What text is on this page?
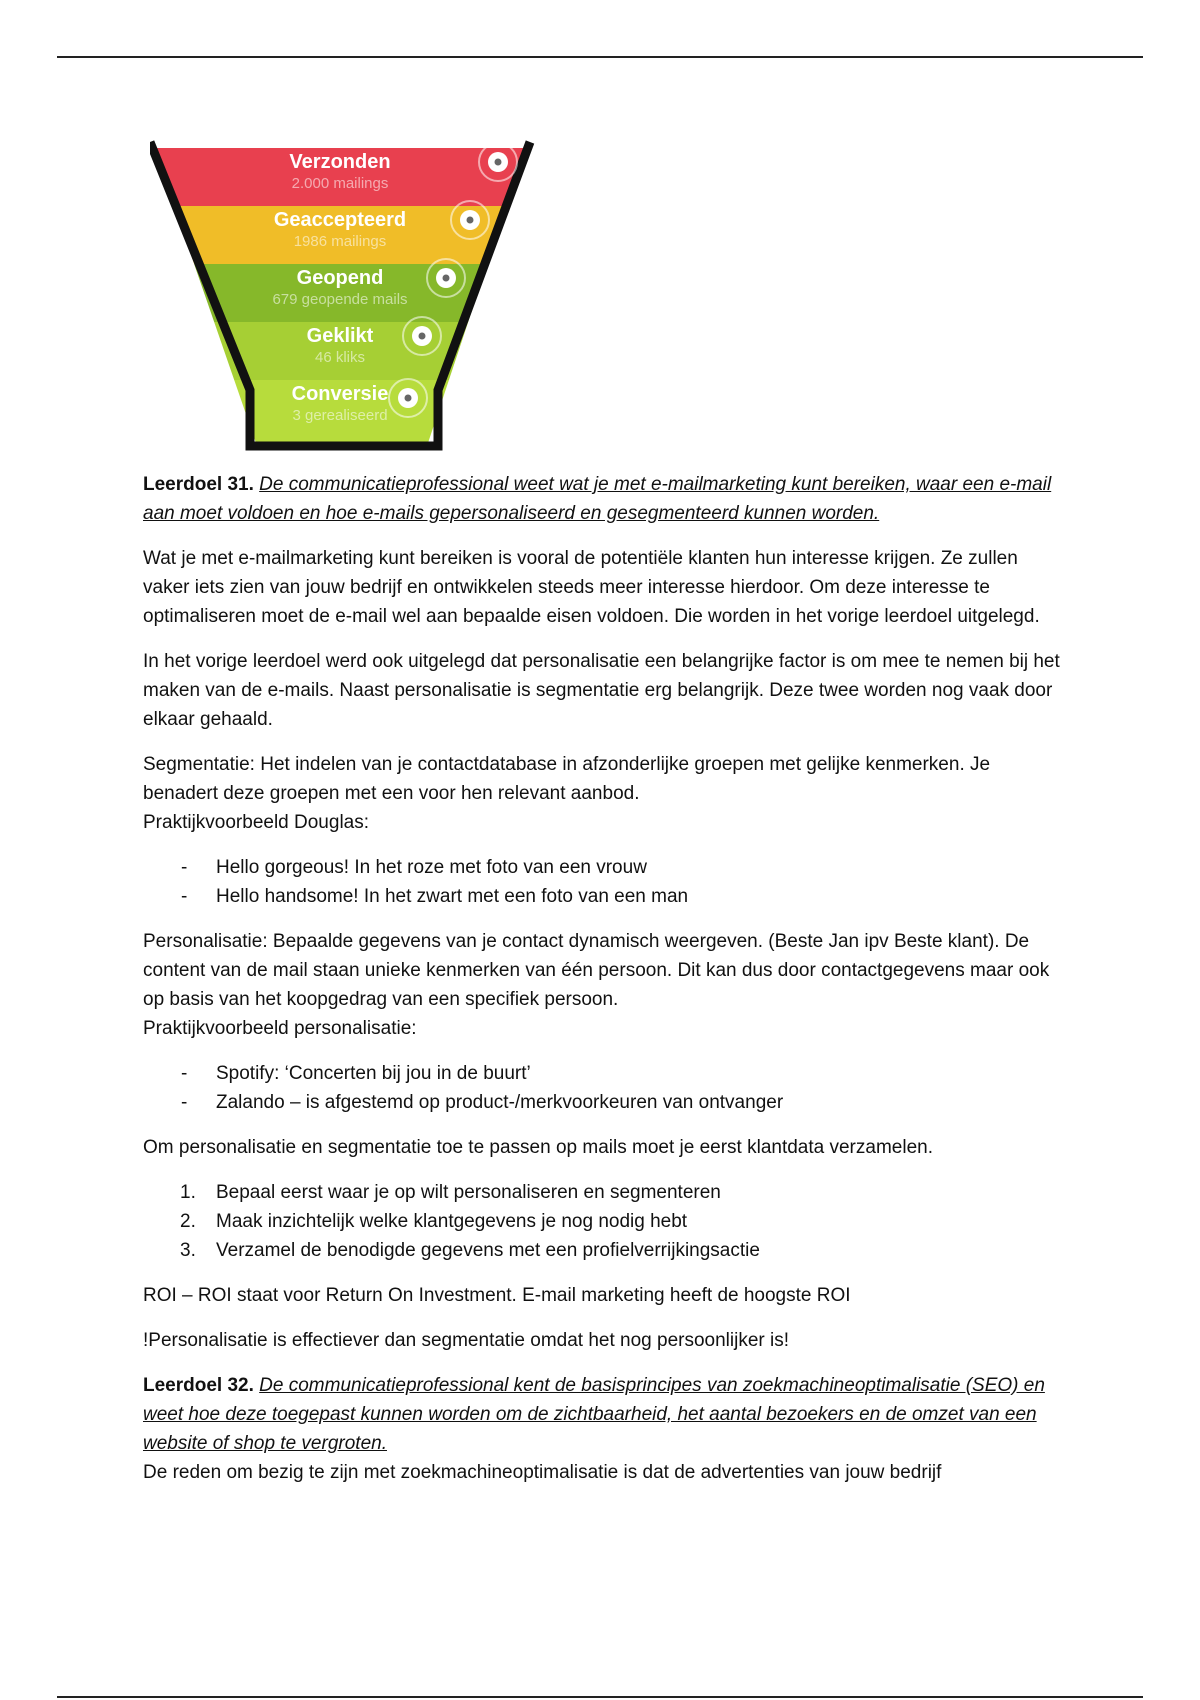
Verzonden
2.000 mailings
Geaccepteerd
1986 mailings
Geopend
679 geopende mails
Geklikt
46 kliks
Conversie
3 gerealiseerd

Leerdoel 31. De communicatieprofessional weet wat je met e-mailmarketing kunt bereiken, waar een e-mail aan moet voldoen en hoe e-mails gepersonaliseerd en gesegmenteerd kunnen worden.

Wat je met e-mailmarketing kunt bereiken is vooral de potentiële klanten hun interesse krijgen. Ze zullen vaker iets zien van jouw bedrijf en ontwikkelen steeds meer interesse hierdoor. Om deze interesse te optimaliseren moet de e-mail wel aan bepaalde eisen voldoen. Die worden in het vorige leerdoel uitgelegd.

In het vorige leerdoel werd ook uitgelegd dat personalisatie een belangrijke factor is om mee te nemen bij het maken van de e-mails. Naast personalisatie is segmentatie erg belangrijk. Deze twee worden nog vaak door elkaar gehaald.

Segmentatie: Het indelen van je contactdatabase in afzonderlijke groepen met gelijke kenmerken. Je benadert deze groepen met een voor hen relevant aanbod.

Praktijkvoorbeeld Douglas:

- Hello gorgeous! In het roze met foto van een vrouw
- Hello handsome! In het zwart met een foto van een man

Personalisatie: Bepaalde gegevens van je contact dynamisch weergeven. (Beste Jan ipv Beste klant). De content van de mail staan unieke kenmerken van één persoon. Dit kan dus door contactgegevens maar ook op basis van het koopgedrag van een specifiek persoon.

Praktijkvoorbeeld personalisatie:

- Spotify: ‘Concerten bij jou in de buurt’
- Zalando – is afgestemd op product-/merkvoorkeuren van ontvanger

Om personalisatie en segmentatie toe te passen op mails moet je eerst klantdata verzamelen.

1. Bepaal eerst waar je op wilt personaliseren en segmenteren
2. Maak inzichtelijk welke klantgegevens je nog nodig hebt
3. Verzamel de benodigde gegevens met een profielverrijkingsactie

ROI – ROI staat voor Return On Investment. E-mail marketing heeft de hoogste ROI

!Personalisatie is effectiever dan segmentatie omdat het nog persoonlijker is!

Leerdoel 32. De communicatieprofessional kent de basisprincipes van zoekmachineoptimalisatie (SEO) en weet hoe deze toegepast kunnen worden om de zichtbaarheid, het aantal bezoekers en de omzet van een website of shop te vergroten.

De reden om bezig te zijn met zoekmachineoptimalisatie is dat de advertenties van jouw bedrijf
